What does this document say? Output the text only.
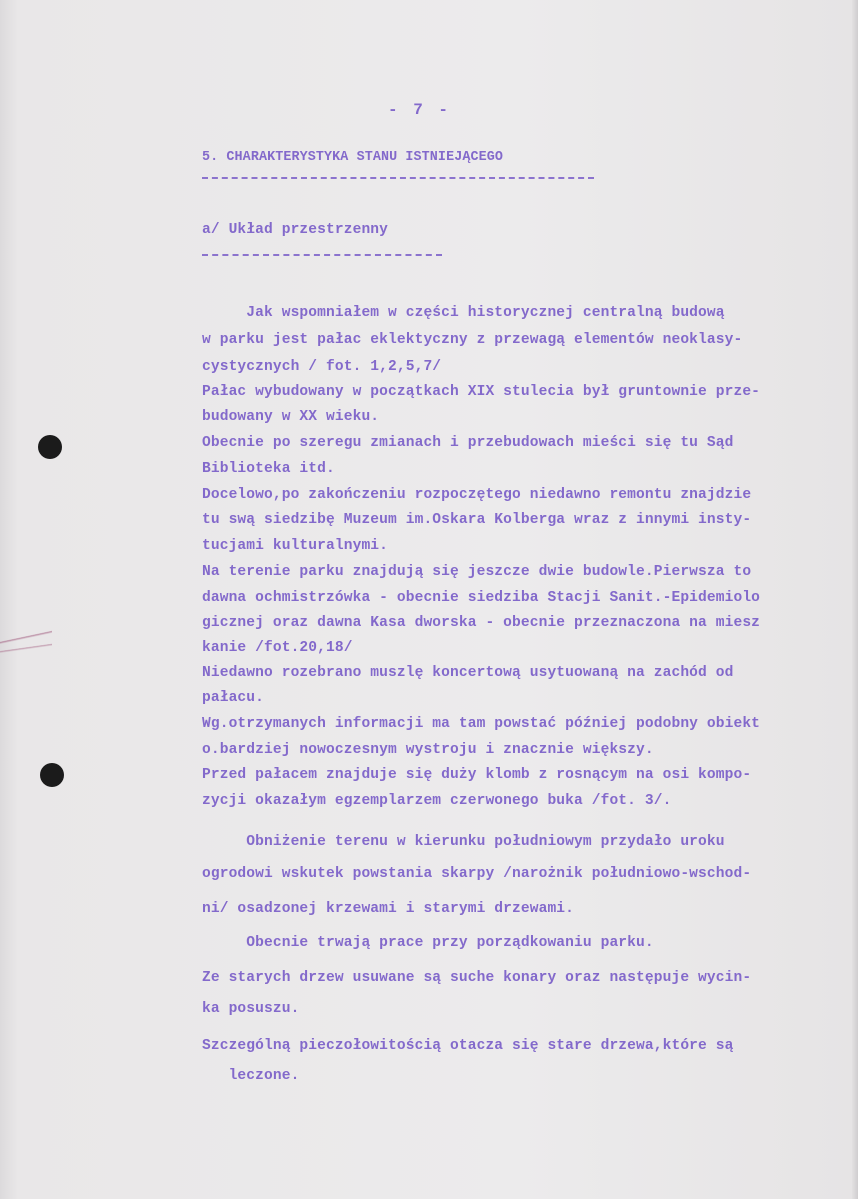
- 7 -
5. CHARAKTERYSTYKA STANU ISTNIEJĄCEGO
a/ Układ przestrzenny
Jak wspomniałem w części historycznej centralną budową
w parku jest pałac eklektyczny z przewagą elementów neoklasy-
cystycznych / fot. 1,2,5,7/
Pałac wybudowany w początkach XIX stulecia był gruntownie prze-
budowany w XX wieku.
Obecnie po szeregu zmianach i przebudowach mieści się tu Sąd
Biblioteka itd.
Docelowo,po zakończeniu rozpoczętego niedawno remontu znajdzie
tu swą siedzibę Muzeum im.Oskara Kolberga wraz z innymi insty-
tucjami kulturalnymi.
Na terenie parku znajdują się jeszcze dwie budowle.Pierwsza to
dawna ochmistrzówka - obecnie siedziba Stacji Sanit.-Epidemiolo
gicznej oraz dawna Kasa dworska - obecnie przeznaczona na miesz
kanie /fot.20,18/
Niedawno rozebrano muszlę koncertową usytuowaną na zachód od
pałacu.
Wg.otrzymanych informacji ma tam powstać później podobny obiekt
o.bardziej nowoczesnym wystroju i znacznie większy.
Przed pałacem znajduje się duży klomb z rosnącym na osi kompo-
zycji okazałym egzemplarzem czerwonego buka /fot. 3/.
Obniżenie terenu w kierunku południowym przydało uroku
ogrodowi wskutek powstania skarpy /narożnik południowo-wschod-
ni/ osadzonej krzewami i starymi drzewami.
Obecnie trwają prace przy porządkowaniu parku.
Ze starych drzew usuwane są suche konary oraz następuje wycin-
ka posuszu.
Szczególną pieczołowitością otacza się stare drzewa,które są
leczone.
